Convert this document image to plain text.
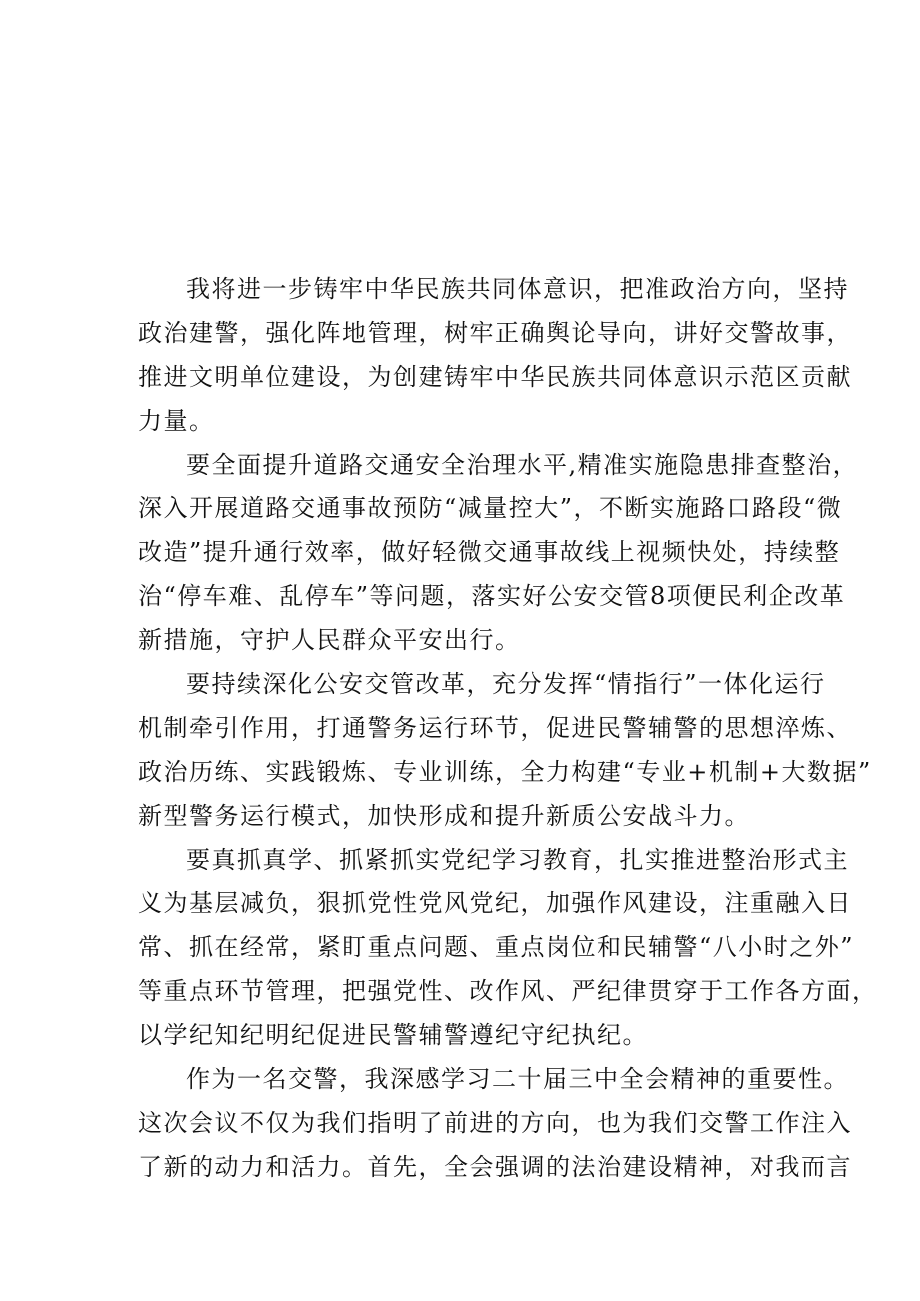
我将进一步铸牢中华民族共同体意识，把准政治方向，坚持
政治建警，强化阵地管理，树牢正确舆论导向，讲好交警故事，
推进文明单位建设，为创建铸牢中华民族共同体意识示范区贡献
力量。
要全面提升道路交通安全治理水平,精准实施隐患排查整治，
深入开展道路交通事故预防“减量控大”，不断实施路口路段“微
改造”提升通行效率，做好轻微交通事故线上视频快处，持续整
治“停车难、乱停车”等问题，落实好公安交管8项便民利企改革
新措施，守护人民群众平安出行。
要持续深化公安交管改革，充分发挥“情指行”一体化运行
机制牵引作用，打通警务运行环节，促进民警辅警的思想淬炼、
政治历练、实践锻炼、专业训练，全力构建“专业+机制+大数据”
新型警务运行模式，加快形成和提升新质公安战斗力。
要真抓真学、抓紧抓实党纪学习教育，扎实推进整治形式主
义为基层减负，狠抓党性党风党纪，加强作风建设，注重融入日
常、抓在经常，紧盯重点问题、重点岗位和民辅警“八小时之外”
等重点环节管理，把强党性、改作风、严纪律贯穿于工作各方面，
以学纪知纪明纪促进民警辅警遵纪守纪执纪。
作为一名交警，我深感学习二十届三中全会精神的重要性。
这次会议不仅为我们指明了前进的方向，也为我们交警工作注入
了新的动力和活力。首先，全会强调的法治建设精神，对我而言
